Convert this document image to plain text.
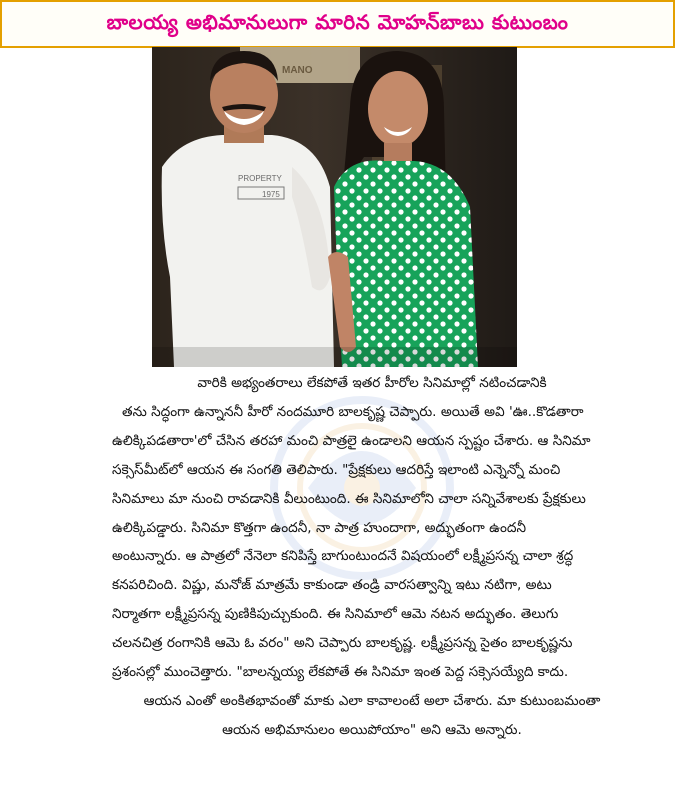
బాలయ్య అభిమానులుగా మారిన మోహన్‌బాబు కుటుంబం
MANO
PROPERTY
1975

వారికి అభ్యంతరాలు లేకపోతే ఇతర హీరోల సినిమాల్లో నటించడానికి

తను సిద్ధంగా ఉన్నాననీ హీరో నందమూరి బాలకృష్ణ చెప్పారు. అయితే అవి 'ఊ..కొడతారా

ఉలిక్కిపడతారా'లో చేసిన తరహా మంచి పాత్రలై ఉండాలని ఆయన స్పష్టం చేశారు. ఆ సినిమా

సక్సెస్‌మీట్‌లో ఆయన ఈ సంగతి తెలిపారు. "ప్రేక్షకులు ఆదరిస్తే ఇలాంటి ఎన్నెన్నో మంచి

సినిమాలు మా నుంచి రావడానికి వీలుంటుంది. ఈ సినిమాలోని చాలా సన్నివేశాలకు ప్రేక్షకులు

ఉలిక్కిపడ్డారు. సినిమా కొత్తగా ఉందనీ, నా పాత్ర హుందాగా, అద్భుతంగా ఉందనీ

అంటున్నారు. ఆ పాత్రలో నేనెలా కనిపిస్తే బాగుంటుందనే విషయంలో లక్ష్మీప్రసన్న చాలా శ్రద్ధ

కనపరిచింది. విష్ణు, మనోజ్ మాత్రమే కాకుండా తండ్రి వారసత్వాన్ని ఇటు నటిగా, అటు

నిర్మాతగా లక్ష్మీప్రసన్న పుణికిపుచ్చుకుంది. ఈ సినిమాలో ఆమె నటన అద్భుతం. తెలుగు

చలనచిత్ర రంగానికి ఆమె ఓ వరం" అని చెప్పారు బాలకృష్ణ. లక్ష్మీప్రసన్న సైతం బాలకృష్ణను

ప్రశంసల్లో ముంచెత్తారు. "బాలన్నయ్య లేకపోతే ఈ సినిమా ఇంత పెద్ద సక్సెసయ్యేది కాదు.

ఆయన ఎంతో అంకితభావంతో మాకు ఎలా కావాలంటే అలా చేశారు. మా కుటుంబమంతా

ఆయన అభిమానులం అయిపోయాం" అని ఆమె అన్నారు.
